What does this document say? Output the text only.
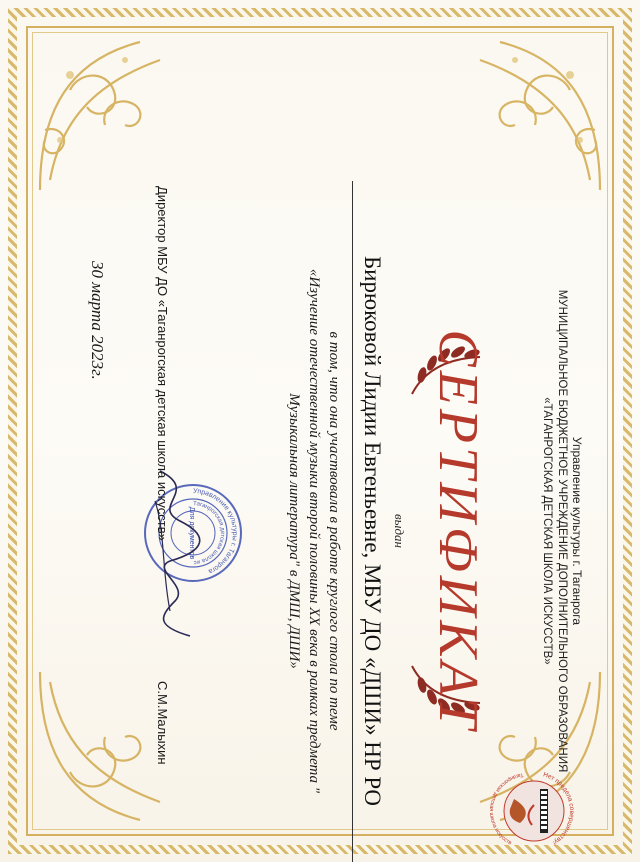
Управление культуры г. Таганрога
МУНИЦИПАЛЬНОЕ БЮДЖЕТНОЕ УЧРЕЖДЕНИЕ ДОПОЛНИТЕЛЬНОГО ОБРАЗОВАНИЯ
«ТАГАНРОГСКАЯ ДЕТСКАЯ ШКОЛА ИСКУССТВ»
Нет предела совершенству!
Таганрогская детская школа искусств
СЕРТИФИКАТ
выдан
Бирюковой Лидии Евгеньевне, МБУ ДО «ДШИ» НР РО
в том, что она участвовала в работе круглого стола по теме
«Изучение отечественной музыки второй половины XX века в рамках предмета "
Музыкальная литература" в ДМШ, ДШИ»
Управление культуры г. Таганрога
Таганрогская детская школа ис
Для документов
Директор МБУ ДО «Таганрогская детская школа искусств»
С.М.Малыхин
30 марта 2023г.
